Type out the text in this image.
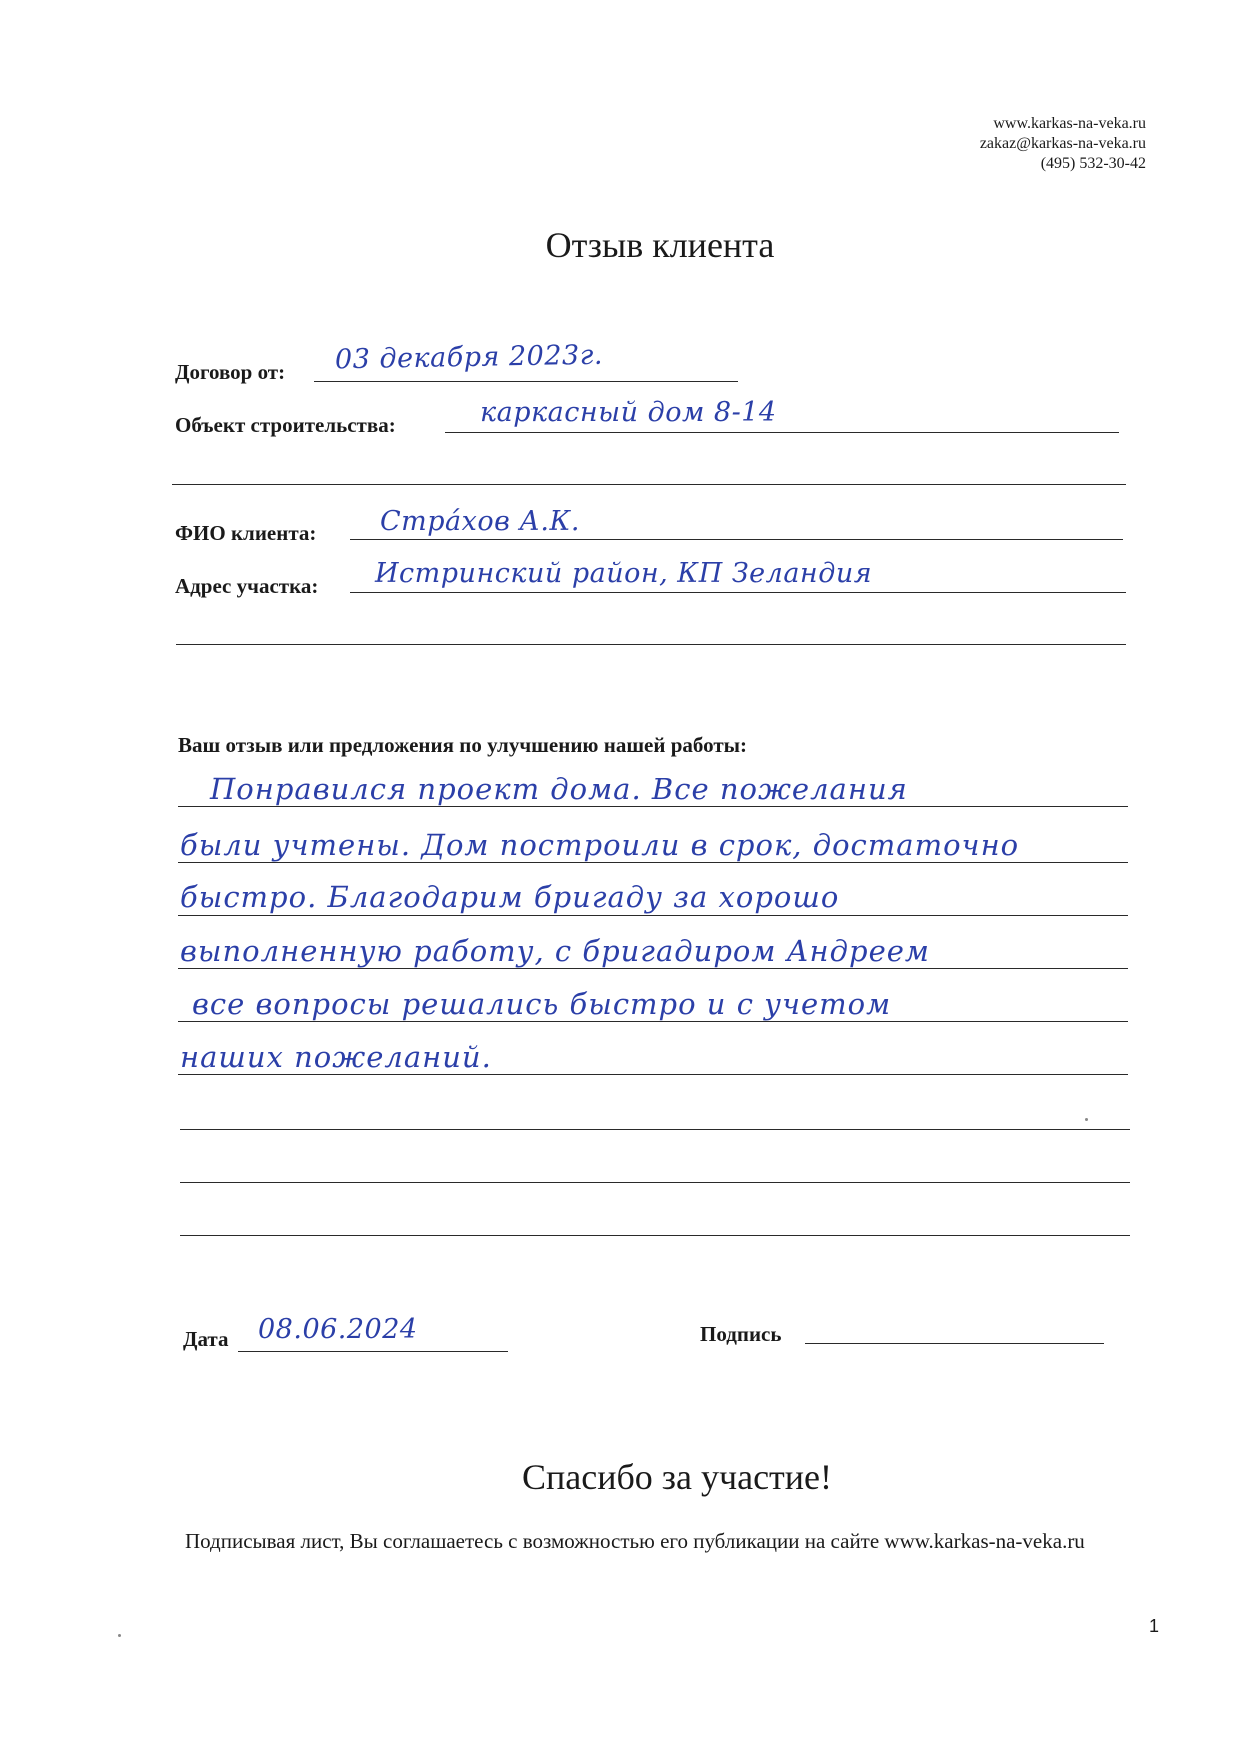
www.karkas-na-veka.ru
zakaz@karkas-na-veka.ru
(495) 532-30-42
Отзыв клиента
Договор от: 03 декабря 2023г.
Объект строительства:	каркасный дом 8-14
ФИО клиента: Стрáхов А.К.
Адрес участка: Истринский район, КП Зеландия
Ваш отзыв или предложения по улучшению нашей работы:
Понравился проект дома. Все пожелания
были учтены. Дом построили в срок, достаточно
быстро. Благодарим бригаду за хорошо
выполненную работу, с бригадиром Андреем
все вопросы решались быстро и с учетом
наших пожеланий.
Дата 08.06.2024	Подпись
Спасибо за участие!
Подписывая лист, Вы соглашаетесь с возможностью его публикации на сайте www.karkas-na-veka.ru
1
